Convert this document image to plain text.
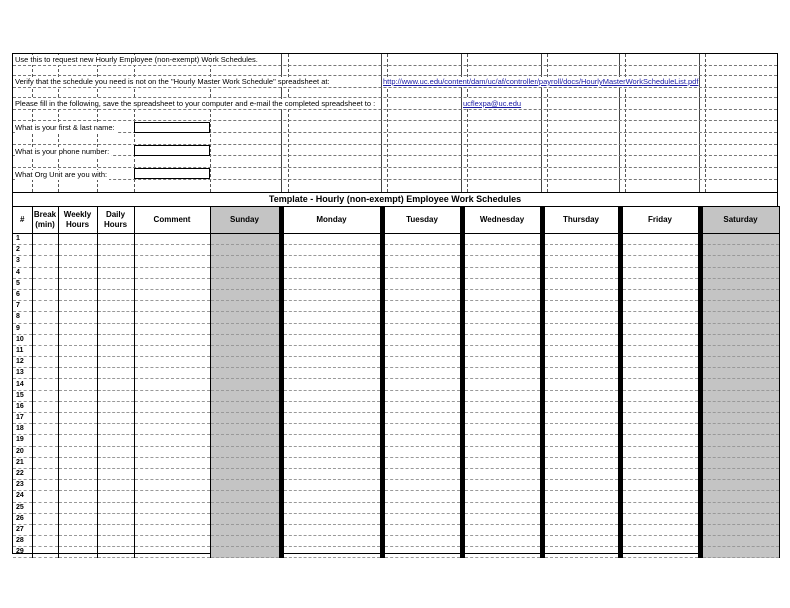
Use this to request new Hourly Employee (non-exempt) Work Schedules.
Verify that the schedule you need is not on the "Hourly Master Work Schedule" spreadsheet at:	http://www.uc.edu/content/dam/uc/af/controller/payroll/docs/HourlyMasterWorkScheduleList.pdf
Please fill in the following, save the spreadsheet to your computer and e-mail the completed spreadsheet to :	ucflexpa@uc.edu
What is your first & last name:
What is your phone number:
What Org Unit are you with:
Template - Hourly (non-exempt) Employee Work Schedules
#	Break (min)	Weekly Hours	Daily Hours	Comment	Sunday	Monday	Tuesday	Wednesday	Thursday	Friday	Saturday
1											
2											
3											
4											
5											
6											
7											
8											
9											
10											
11											
12											
13											
14											
15											
16											
17											
18											
19											
20											
21											
22											
23											
24											
25											
26											
27											
28											
29											
